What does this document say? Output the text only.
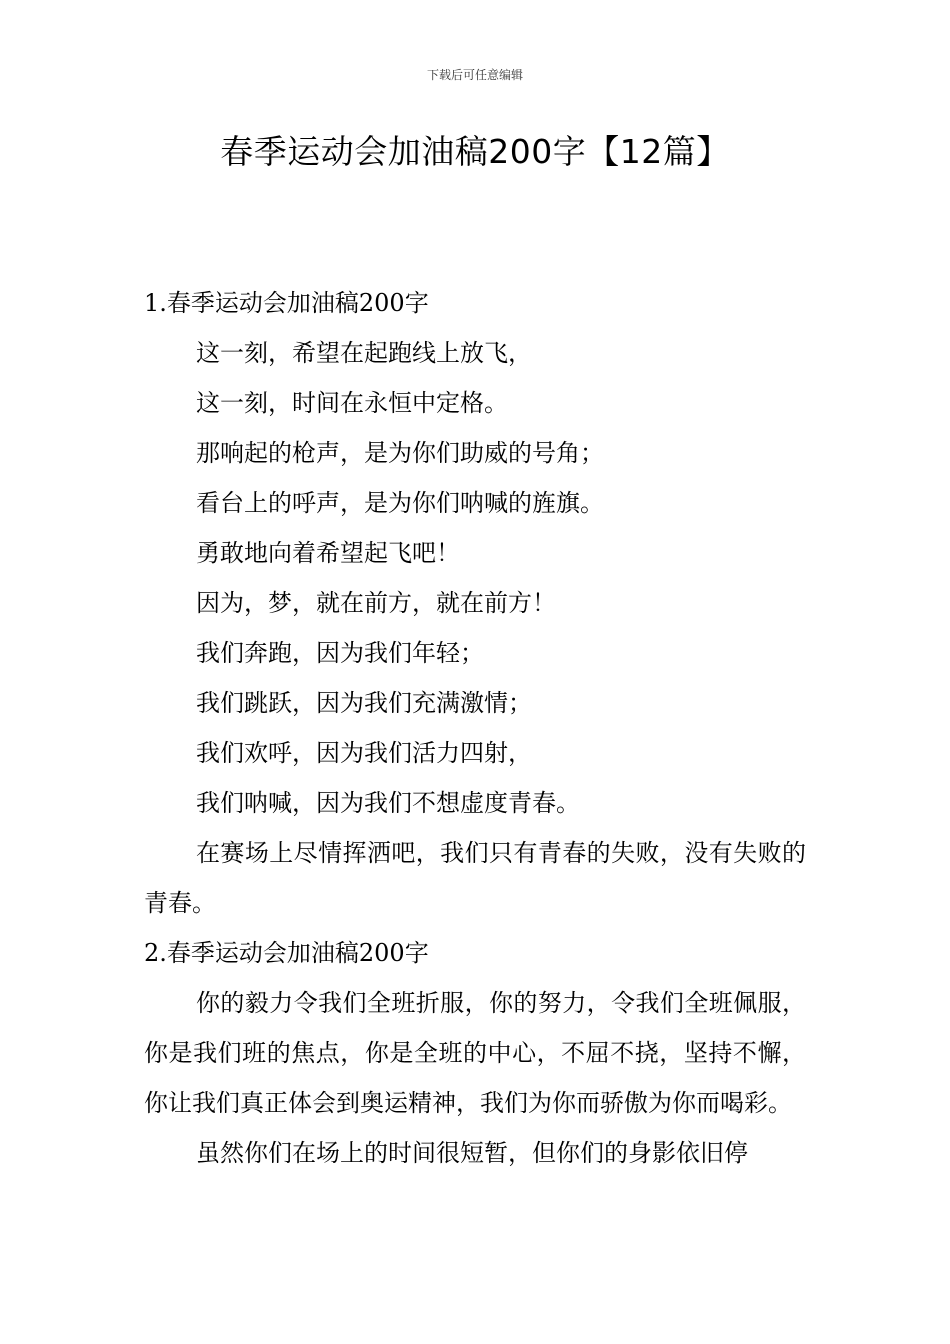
下载后可任意编辑
春季运动会加油稿200字【12篇】

1.春季运动会加油稿200字

这一刻，希望在起跑线上放飞，

这一刻，时间在永恒中定格。

那响起的枪声，是为你们助威的号角；

看台上的呼声，是为你们呐喊的旌旗。

勇敢地向着希望起飞吧！

因为，梦，就在前方，就在前方！

我们奔跑，因为我们年轻；

我们跳跃，因为我们充满激情；

我们欢呼，因为我们活力四射，

我们呐喊，因为我们不想虚度青春。

在赛场上尽情挥洒吧，我们只有青春的失败，没有失败的青春。

2.春季运动会加油稿200字

你的毅力令我们全班折服，你的努力，令我们全班佩服，你是我们班的焦点，你是全班的中心，不屈不挠，坚持不懈，你让我们真正体会到奥运精神，我们为你而骄傲为你而喝彩。

虽然你们在场上的时间很短暂，但你们的身影依旧停
